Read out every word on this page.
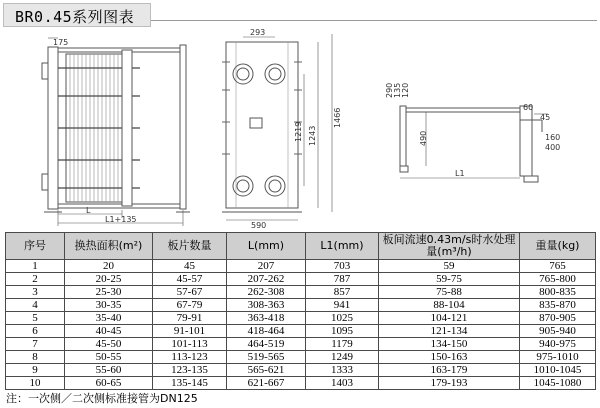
BR0.45系列图表
175
L
L1+135
293
590
1466
1243
1219
L1
60
45
490
290 135 120
160
400
序号	换热面积(m²)	板片数量	L(mm)	L1(mm)	板间流速0.43m/s时水处理量(m³/h)	重量(kg)
1	20	45	207	703	59	765
2	20-25	45-57	207-262	787	59-75	765-800
3	25-30	57-67	262-308	857	75-88	800-835
4	30-35	67-79	308-363	941	88-104	835-870
5	35-40	79-91	363-418	1025	104-121	870-905
6	40-45	91-101	418-464	1095	121-134	905-940
7	45-50	101-113	464-519	1179	134-150	940-975
8	50-55	113-123	519-565	1249	150-163	975-1010
9	55-60	123-135	565-621	1333	163-179	1010-1045
10	60-65	135-145	621-667	1403	179-193	1045-1080
注：一次侧／二次侧标准接管为DN125
